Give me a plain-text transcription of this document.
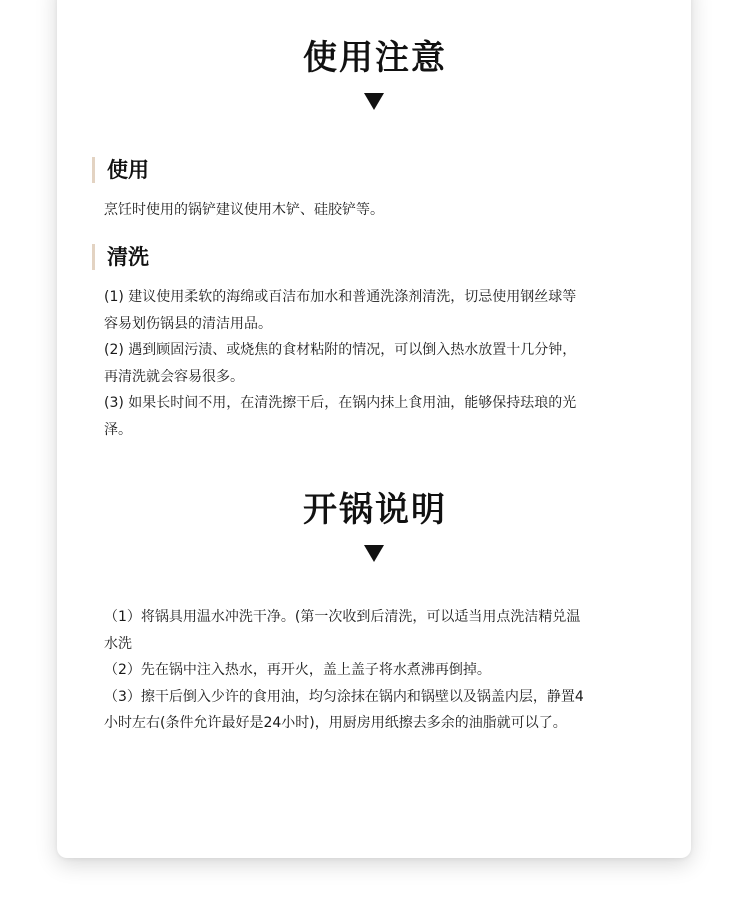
使用注意
使用

烹饪时使用的锅铲建议使用木铲、硅胶铲等。

清洗

(1) 建议使用柔软的海绵或百洁布加水和普通洗涤剂清洗，切忌使用钢丝球等
容易划伤锅县的清洁用品。
(2) 遇到顾固污渍、或烧焦的食材粘附的情况，可以倒入热水放置十几分钟，
再清洗就会容易很多。
(3) 如果长时间不用，在清洗擦干后，在锅内抹上食用油，能够保持珐琅的光
泽。

开锅说明

（1）将锅具用温水冲洗干净。(第一次收到后清洗，可以适当用点洗洁精兑温
水洗
（2）先在锅中注入热水，再开火，盖上盖子将水煮沸再倒掉。
（3）擦干后倒入少许的食用油，均匀涂抹在锅内和锅壁以及锅盖内层，静置4
小时左右(条件允许最好是24小时)，用厨房用纸擦去多余的油脂就可以了。
